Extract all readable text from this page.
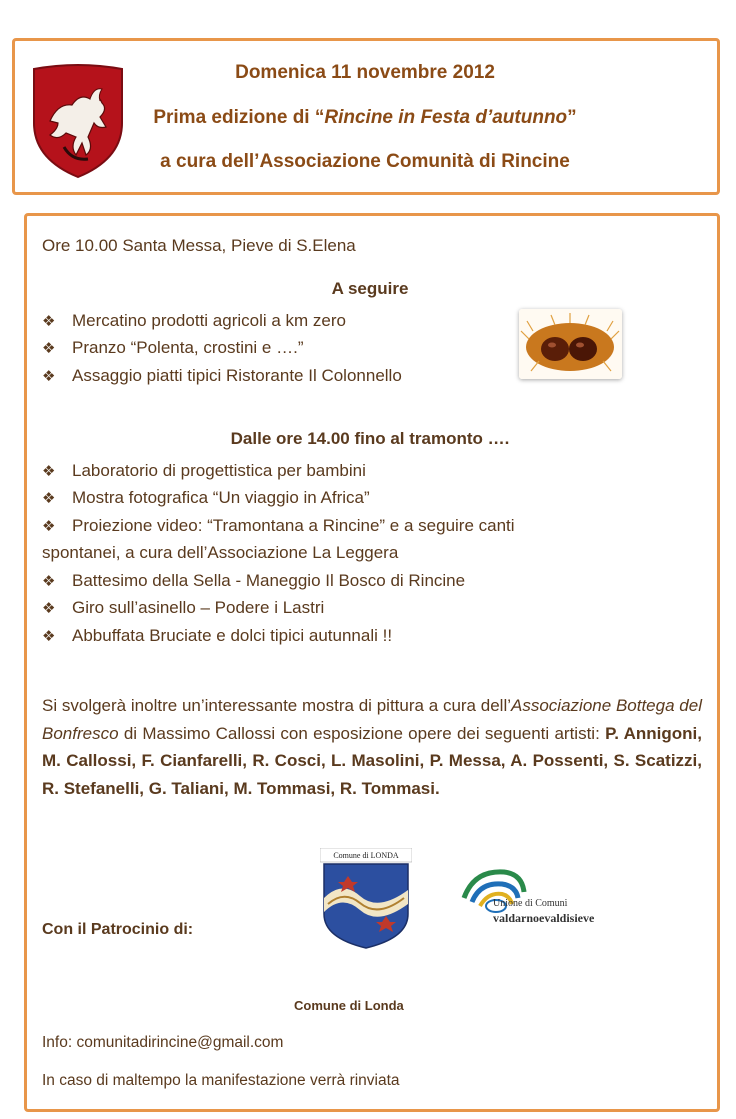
Domenica 11 novembre 2012
Prima edizione di “Rincine in Festa d’autunno”
a cura dell’Associazione Comunità di Rincine
Ore 10.00 Santa Messa, Pieve di S.Elena
A seguire
❖ Mercatino prodotti agricoli a km zero
❖ Pranzo “Polenta, crostini e ….”
❖ Assaggio piatti tipici Ristorante Il Colonnello
Dalle ore 14.00 fino al tramonto ….
❖ Laboratorio di progettistica per bambini
❖ Mostra fotografica “Un viaggio in Africa”
❖ Proiezione video: “Tramontana a Rincine” e a seguire canti
spontanei, a cura dell’Associazione La Leggera
❖ Battesimo della Sella - Maneggio Il Bosco di Rincine
❖ Giro sull’asinello – Podere i Lastri
❖ Abbuffata Bruciate e dolci tipici autunnali !!
Si svolgerà inoltre un’interessante mostra di pittura a cura dell’Associazione Bottega del Bonfresco di Massimo Callossi con esposizione opere dei seguenti artisti: P. Annigoni, M. Callossi, F. Cianfarelli, R. Cosci, L. Masolini, P. Messa, A. Possenti, S. Scatizzi, R. Stefanelli, G. Taliani, M. Tommasi, R. Tommasi.
Comune di LONDA
Unione di Comuni
valdarnoevaldisieve
Con il Patrocinio di:
Comune di Londa
Info: comunitadirincine@gmail.com
In caso di maltempo la manifestazione verrà rinviata
